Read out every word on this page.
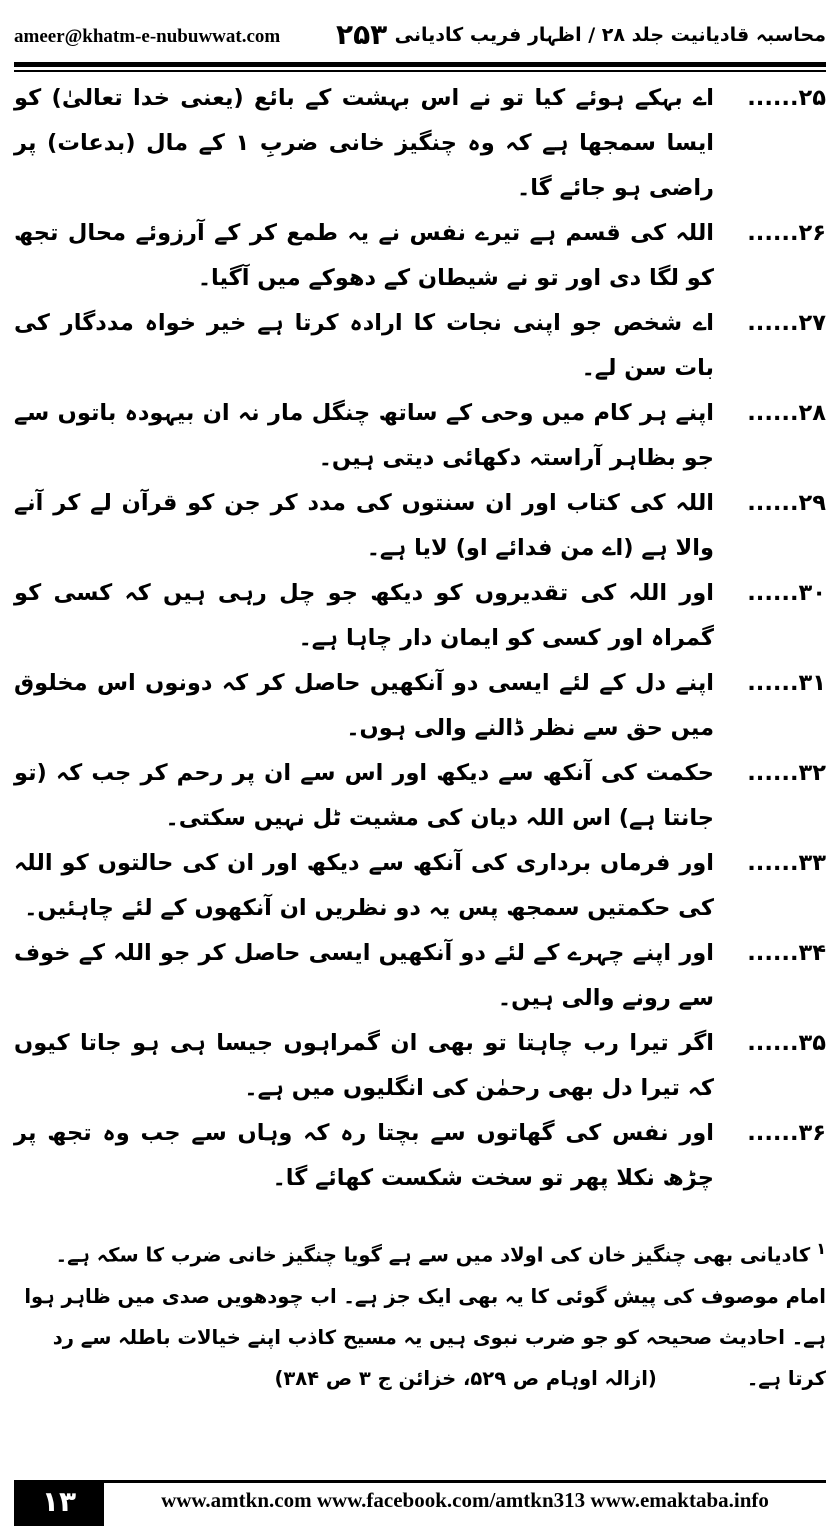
ameer@khatm-e-nubuwwat.com ۲۵۳ محاسبہ قادیانیت جلد ۲۸ / اظہار فریب کادیانی
۲۵......
اے بہکے ہوئے کیا تو نے اس بہشت کے بائع (یعنی خدا تعالیٰ) کو ایسا سمجھا ہے کہ وہ چنگیز خانی ضربِ ۱ کے مال (بدعات) پر راضی ہو جائے گا۔
۲۶......
اللہ کی قسم ہے تیرے نفس نے یہ طمع کر کے آرزوئے محال تجھ کو لگا دی اور تو نے شیطان کے دھوکے میں آگیا۔
۲۷......
اے شخص جو اپنی نجات کا ارادہ کرتا ہے خیر خواہ مددگار کی بات سن لے۔
۲۸......
اپنے ہر کام میں وحی کے ساتھ چنگل مار نہ ان بیہودہ باتوں سے جو بظاہر آراستہ دکھائی دیتی ہیں۔
۲۹......
اللہ کی کتاب اور ان سنتوں کی مدد کر جن کو قرآن لے کر آنے والا ہے (اے من فدائے او) لایا ہے۔
۳۰......
اور اللہ کی تقدیروں کو دیکھ جو چل رہی ہیں کہ کسی کو گمراہ اور کسی کو ایمان دار چاہا ہے۔
۳۱......
اپنے دل کے لئے ایسی دو آنکھیں حاصل کر کہ دونوں اس مخلوق میں حق سے نظر ڈالنے والی ہوں۔
۳۲......
حکمت کی آنکھ سے دیکھ اور اس سے ان پر رحم کر جب کہ (تو جانتا ہے) اس اللہ دیان کی مشیت ٹل نہیں سکتی۔
۳۳......
اور فرماں برداری کی آنکھ سے دیکھ اور ان کی حالتوں کو اللہ کی حکمتیں سمجھ پس یہ دو نظریں ان آنکھوں کے لئے چاہئیں۔
۳۴......
اور اپنے چہرے کے لئے دو آنکھیں ایسی حاصل کر جو اللہ کے خوف سے رونے والی ہیں۔
۳۵......
اگر تیرا رب چاہتا تو بھی ان گمراہوں جیسا ہی ہو جاتا کیوں کہ تیرا دل بھی رحمٰن کی انگلیوں میں ہے۔
۳۶......
اور نفس کی گھاتوں سے بچتا رہ کہ وہاں سے جب وہ تجھ پر چڑھ نکلا پھر تو سخت شکست کھائے گا۔
$^۱$کادیانی بھی چنگیز خان کی اولاد میں سے ہے گویا چنگیز خانی ضرب کا سکہ ہے۔ امام موصوف کی پیش گوئی کا یہ بھی ایک جز ہے۔ اب چودھویں صدی میں ظاہر ہوا ہے۔ احادیث صحیحہ کو جو ضرب نبوی ہیں یہ مسیح کاذب اپنے خیالات باطلہ سے رد کرتا ہے۔(ازالہ اوہام ص ۵۲۹، خزائن ج ۳ ص ۳۸۴)
۱۳	www.amtkn.com www.facebook.com/amtkn313 www.emaktaba.info
